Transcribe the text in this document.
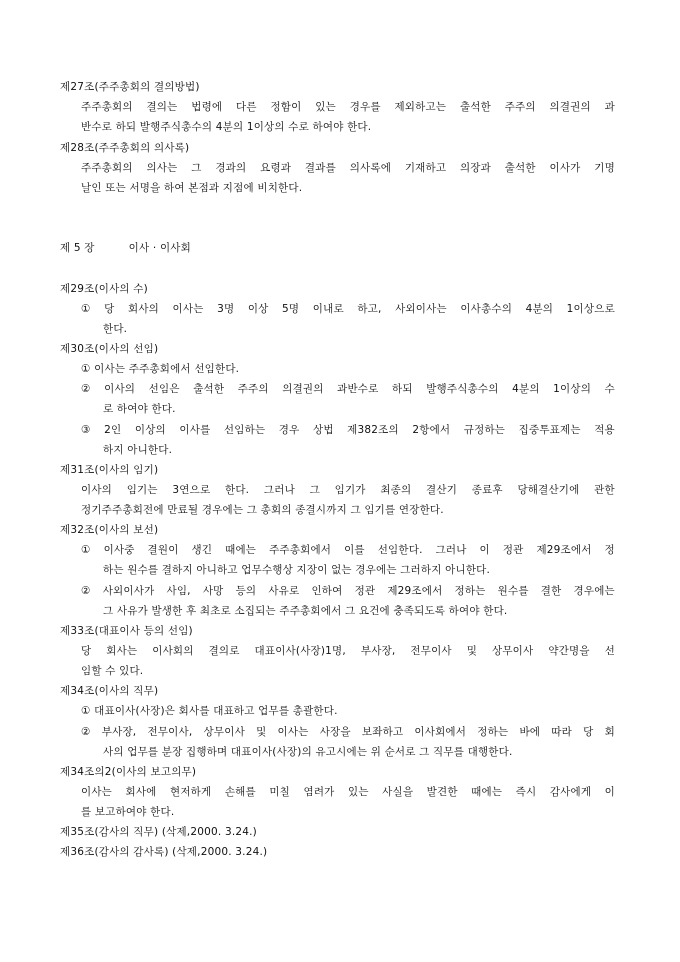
제27조(주주총회의 결의방법)
주주총회의 결의는 법령에 다른 정함이 있는 경우를 제외하고는 출석한 주주의 의결권의 과
반수로 하되 발행주식총수의 4분의 1이상의 수로 하여야 한다.
제28조(주주총회의 의사록)
주주총회의 의사는 그 경과의 요령과 결과를 의사록에 기재하고 의장과 출석한 이사가 기명
날인 또는 서명을 하여 본점과 지점에 비치한다.
제 5 장	이사 · 이사회
제29조(이사의 수)
① 당 회사의 이사는 3명 이상 5명 이내로 하고, 사외이사는 이사총수의 4분의 1이상으로
한다.
제30조(이사의 선임)
① 이사는 주주총회에서 선임한다.
② 이사의 선임은 출석한 주주의 의결권의 과반수로 하되 발행주식총수의 4분의 1이상의 수
로 하여야 한다.
③ 2인 이상의 이사를 선임하는 경우 상법 제382조의 2항에서 규정하는 집중투표제는 적용
하지 아니한다.
제31조(이사의 임기)
이사의 임기는 3연으로 한다. 그러나 그 임기가 최종의 결산기 종료후 당해결산기에 관한
정기주주총회전에 만료될 경우에는 그 총회의 종결시까지 그 임기를 연장한다.
제32조(이사의 보선)
① 이사중 결원이 생긴 때에는 주주총회에서 이를 선임한다. 그러나 이 정관 제29조에서 정
하는 원수를 결하지 아니하고 업무수행상 지장이 없는 경우에는 그러하지 아니한다.
② 사외이사가 사임, 사망 등의 사유로 인하여 정관 제29조에서 정하는 원수를 결한 경우에는
그 사유가 발생한 후 최초로 소집되는 주주총회에서 그 요건에 충족되도록 하여야 한다.
제33조(대표이사 등의 선임)
당 회사는 이사회의 결의로 대표이사(사장)1명, 부사장, 전무이사 및 상무이사 약간명을 선
임할 수 있다.
제34조(이사의 직무)
① 대표이사(사장)은 회사를 대표하고 업무를 총괄한다.
② 부사장, 전무이사, 상무이사 및 이사는 사장을 보좌하고 이사회에서 정하는 바에 따라 당 회
사의 업무를 분장 집행하며 대표이사(사장)의 유고시에는 위 순서로 그 직무를 대행한다.
제34조의2(이사의 보고의무)
이사는 회사에 현저하게 손해를 미칠 염려가 있는 사실을 발견한 때에는 즉시 감사에게 이
를 보고하여야 한다.
제35조(감사의 직무) (삭제,2000. 3.24.)
제36조(감사의 감사록) (삭제,2000. 3.24.)
